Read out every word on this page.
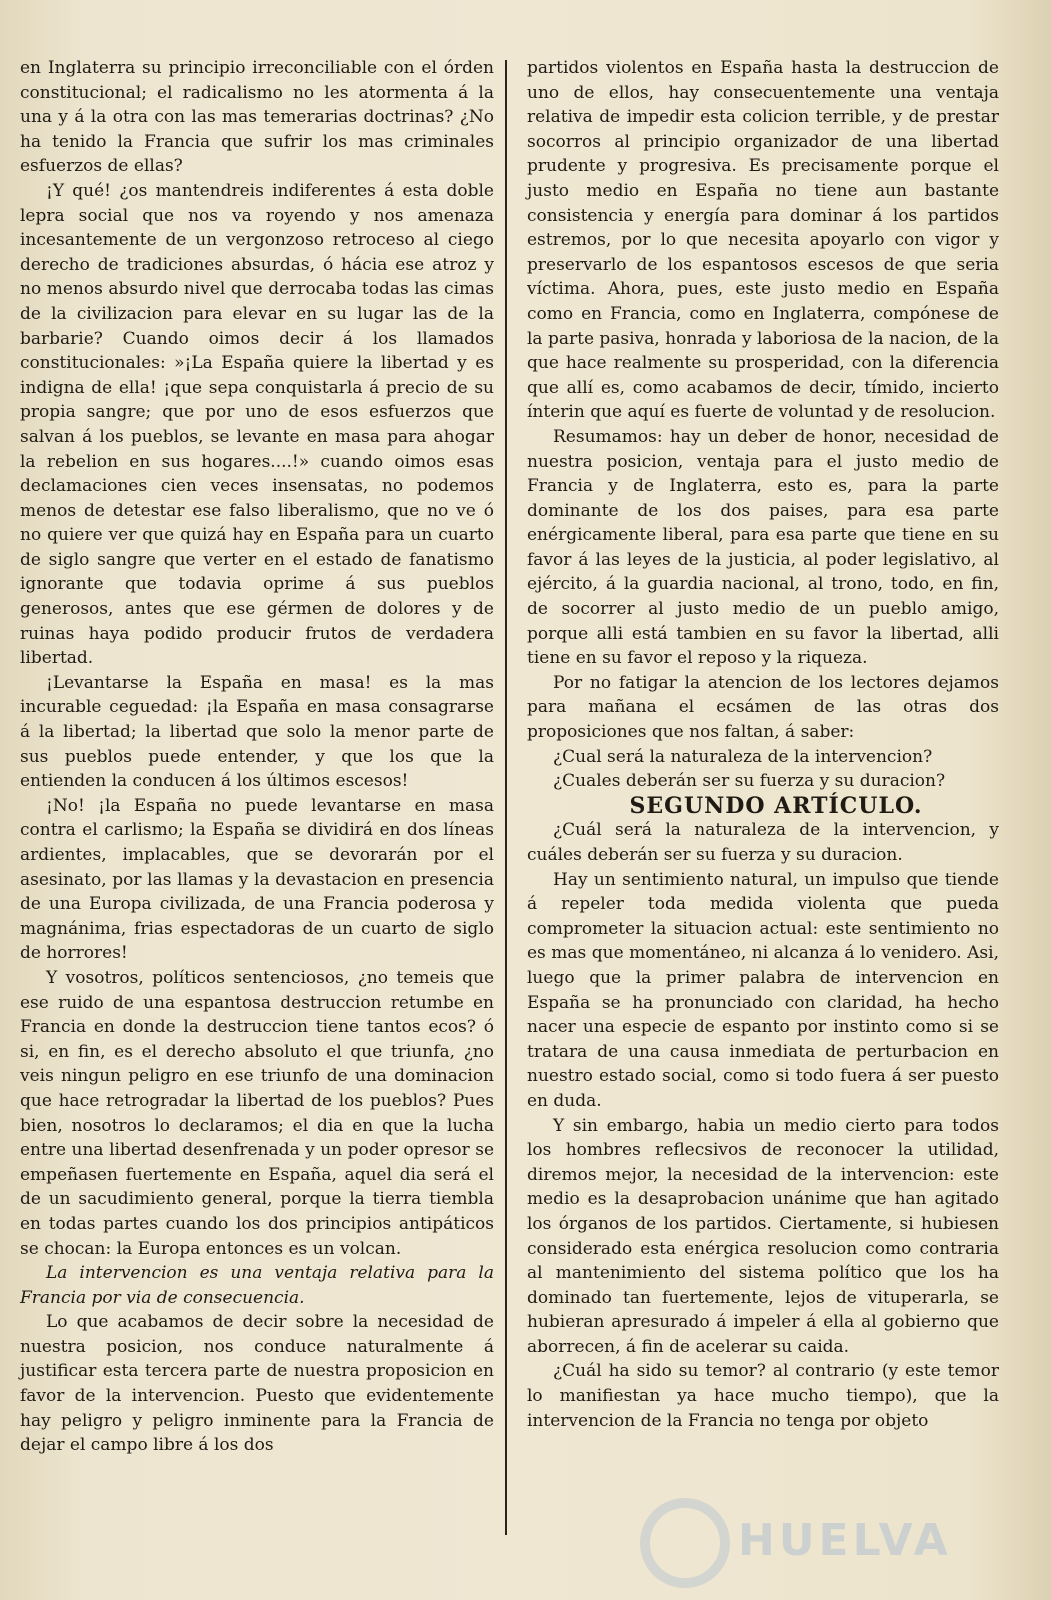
en Inglaterra su principio irreconciliable con el órden constitucional; el radicalismo no les atormenta á la una y á la otra con las mas temerarias doctrinas? ¿No ha tenido la Francia que sufrir los mas criminales esfuerzos de ellas?

¡Y qué! ¿os mantendreis indiferentes á esta doble lepra social que nos va royendo y nos amenaza incesantemente de un vergonzoso retroceso al ciego derecho de tradiciones absurdas, ó hácia ese atroz y no menos absurdo nivel que derrocaba todas las cimas de la civilizacion para elevar en su lugar las de la barbarie? Cuando oimos decir á los llamados constitucionales: »¡La España quiere la libertad y es indigna de ella! ¡que sepa conquistarla á precio de su propia sangre; que por uno de esos esfuerzos que salvan á los pueblos, se levante en masa para ahogar la rebelion en sus hogares....!» cuando oimos esas declamaciones cien veces insensatas, no podemos menos de detestar ese falso liberalismo, que no ve ó no quiere ver que quizá hay en España para un cuarto de siglo sangre que verter en el estado de fanatismo ignorante que todavia oprime á sus pueblos generosos, antes que ese gérmen de dolores y de ruinas haya podido producir frutos de verdadera libertad.

¡Levantarse la España en masa! es la mas incurable ceguedad: ¡la España en masa consagrarse á la libertad; la libertad que solo la menor parte de sus pueblos puede entender, y que los que la entienden la conducen á los últimos escesos!

¡No! ¡la España no puede levantarse en masa contra el carlismo; la España se dividirá en dos líneas ardientes, implacables, que se devorarán por el asesinato, por las llamas y la devastacion en presencia de una Europa civilizada, de una Francia poderosa y magnánima, frias espectadoras de un cuarto de siglo de horrores!

Y vosotros, políticos sentenciosos, ¿no temeis que ese ruido de una espantosa destruccion retumbe en Francia en donde la destruccion tiene tantos ecos? ó si, en fin, es el derecho absoluto el que triunfa, ¿no veis ningun peligro en ese triunfo de una dominacion que hace retrogradar la libertad de los pueblos? Pues bien, nosotros lo declaramos; el dia en que la lucha entre una libertad desenfrenada y un poder opresor se empeñasen fuertemente en España, aquel dia será el de un sacudimiento general, porque la tierra tiembla en todas partes cuando los dos principios antipáticos se chocan: la Europa entonces es un volcan.

La intervencion es una ventaja relativa para la Francia por via de consecuencia.

Lo que acabamos de decir sobre la necesidad de nuestra posicion, nos conduce naturalmente á justificar esta tercera parte de nuestra proposicion en favor de la intervencion. Puesto que evidentemente hay peligro y peligro inminente para la Francia de dejar el campo libre á los dos

partidos violentos en España hasta la destruccion de uno de ellos, hay consecuentemente una ventaja relativa de impedir esta colicion terrible, y de prestar socorros al principio organizador de una libertad prudente y progresiva. Es precisamente porque el justo medio en España no tiene aun bastante consistencia y energía para dominar á los partidos estremos, por lo que necesita apoyarlo con vigor y preservarlo de los espantosos escesos de que seria víctima. Ahora, pues, este justo medio en España como en Francia, como en Inglaterra, compónese de la parte pasiva, honrada y laboriosa de la nacion, de la que hace realmente su prosperidad, con la diferencia que allí es, como acabamos de decir, tímido, incierto ínterin que aquí es fuerte de voluntad y de resolucion.

Resumamos: hay un deber de honor, necesidad de nuestra posicion, ventaja para el justo medio de Francia y de Inglaterra, esto es, para la parte dominante de los dos paises, para esa parte enérgicamente liberal, para esa parte que tiene en su favor á las leyes de la justicia, al poder legislativo, al ejército, á la guardia nacional, al trono, todo, en fin, de socorrer al justo medio de un pueblo amigo, porque alli está tambien en su favor la libertad, alli tiene en su favor el reposo y la riqueza.

Por no fatigar la atencion de los lectores dejamos para mañana el ecsámen de las otras dos proposiciones que nos faltan, á saber:

¿Cual será la naturaleza de la intervencion?

¿Cuales deberán ser su fuerza y su duracion?

SEGUNDO ARTÍCULO.

¿Cuál será la naturaleza de la intervencion, y cuáles deberán ser su fuerza y su duracion.

Hay un sentimiento natural, un impulso que tiende á repeler toda medida violenta que pueda comprometer la situacion actual: este sentimiento no es mas que momentáneo, ni alcanza á lo venidero. Asi, luego que la primer palabra de intervencion en España se ha pronunciado con claridad, ha hecho nacer una especie de espanto por instinto como si se tratara de una causa inmediata de perturbacion en nuestro estado social, como si todo fuera á ser puesto en duda.

Y sin embargo, habia un medio cierto para todos los hombres reflecsivos de reconocer la utilidad, diremos mejor, la necesidad de la intervencion: este medio es la desaprobacion unánime que han agitado los órganos de los partidos. Ciertamente, si hubiesen considerado esta enérgica resolucion como contraria al mantenimiento del sistema político que los ha dominado tan fuertemente, lejos de vituperarla, se hubieran apresurado á impeler á ella al gobierno que aborrecen, á fin de acelerar su caida.

¿Cuál ha sido su temor? al contrario (y este temor lo manifiestan ya hace mucho tiempo), que la intervencion de la Francia no tenga por objeto

HUELVA
